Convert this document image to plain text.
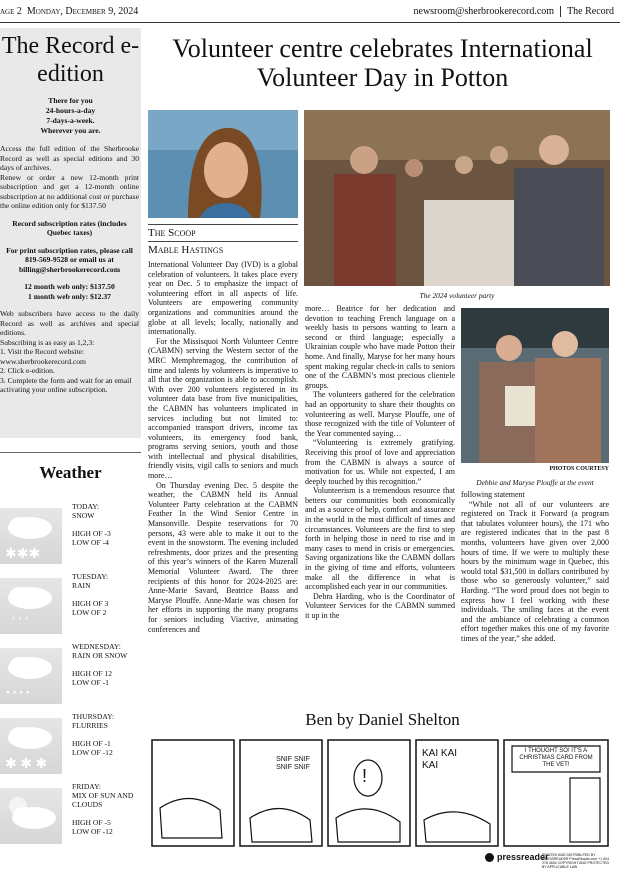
age 2 Monday, December 9, 2024	newsroom@sherbrookerecord.com The Record
The Record e-edition
There for you
24-hours-a-day
7-days-a-week.
Wherever you are.

Access the full edition of the Sherbrooke Record as well as special editions and 30 days of archives.

Renew or order a new 12-month print subscription and get a 12-month online subscription at no additional cost or purchase the online edition only for $137.50

Record subscription rates (includes Quebec taxes)

For print subscription rates, please call 819-569-9528 or email us at billing@sherbrookerecord.com

12 month web only: $137.50

1 month web only: $12.37

Web subscribers have access to the daily Record as well as archives and special editions.

Subscribing is as easy as 1,2,3:
1. Visit the Record website: www.sherbrookerecord.com
2. Click e-edition.
3. Complete the form and wait for an email activating your online subscription.
Weather
✱✱✱
TODAY:
SNOW
HIGH OF -3
LOW OF -4
′ ′ ′
TUESDAY:
RAIN
HIGH OF 3
LOW OF 2
• • • •
WEDNESDAY:
RAIN OR SNOW
HIGH OF 12
LOW OF -1
✱ ✱ ✱
THURSDAY:
FLURRIES
HIGH OF -1
LOW OF -12
FRIDAY:
MIX OF SUN AND CLOUDS
HIGH OF -5
LOW OF -12
Volunteer centre celebrates International Volunteer Day in Potton
The 2024 volunteer party
PHOTOS COURTESY
Debbie and Maryse Plouffe at the event
The Scoop
Mable Hastings

International Volunteer Day (IVD) is a global celebration of volunteers. It takes place every year on Dec. 5 to emphasize the impact of volunteering effort in all aspects of life. Volunteers are empowering community organizations and communities around the globe at all levels; locally, nationally and internationally.

For the Missisquoi North Volunteer Centre (CABMN) serving the Western sector of the MRC Memphremagog, the contribution of time and talents by volunteers is imperative to all that the organization is able to accomplish. With over 200 volunteers registered in its volunteer data base from five municipalities, the CABMN has volunteers implicated in services including but not limited to: accompanied transport drivers, income tax volunteers, its emergency food bank, programs serving seniors, youth and those with intellectual and physical disabilities, friendly visits, vigil calls to seniors and much more…

On Thursday evening Dec. 5 despite the weather, the CABMN held its Annual Volunteer Party celebration at the CABMN Feather In the Wind Senior Centre in Mansonville. Despite reservations for 70 persons, 43 were able to make it out to the event in the snowstorm. The evening included refreshments, door prizes and the presenting of this year’s winners of the Karen Muzerall Memorial Volunteer Award. The three recipients of this honor for 2024-2025 are: Anne-Marie Savard, Beatrice Baass and Maryse Plouffe. Anne-Marie was chosen for her efforts in supporting the many programs for seniors including Viactive, animating conferences and

more… Beatrice for her dedication and devotion to teaching French language on a weekly basis to persons wanting to learn a second or third language; especially a Ukrainian couple who have made Potton their home. And finally, Maryse for her many hours spent making regular check-in calls to seniors one of the CABMN’s most precious clientele groups.

The volunteers gathered for the celebration had an opportunity to share their thoughts on volunteering as well. Maryse Plouffe, one of those recognized with the title of Volunteer of the Year commented saying…

“Volunteering is extremely gratifying. Receiving this proof of love and appreciation from the CABMN is always a source of motivation for us. While not expected, I am deeply touched by this recognition.”

Volunteerism is a tremendous resource that betters our communities both economically and as a source of help, comfort and assurance in the world in the most difficult of times and circumstances. Volunteers are the first to step forth in helping those in need to rise and in many cases to mend in crisis or emergencies. Saving organizations like the CABMN dollars in the giving of time and efforts, volunteers make all the difference in what is accomplished each year in our communities.

Debra Harding, who is the Coordinator of Volunteer Services for the CABMN summed it up in the

following statement

“While not all of our volunteers are registered on Track it Forward (a program that tabulates volunteer hours), the 171 who are registered indicates that in the past 8 months, volunteers have given over 2,000 hours of time. If we were to multiply these hours by the minimum wage in Quebec, this would total $31,500 in dollars contributed by those who so generously volunteer,” said Harding. “The word proud does not begin to express how I feel working with these individuals. The smiling faces at the event and the ambiance of celebrating a common effort together makes this one of my favorite times of the year,” she added.

Ben by Daniel Shelton
SNIF SNIF SNIF SNIF	!
KAI KAI KAI
I THOUGHT SO! IT'S A CHRISTMAS CARD FROM THE VET!
pressreader
PRINTED AND DISTRIBUTED BY PRESSREADER PressReader.com +1 604 278 4604 COPYRIGHT AND PROTECTED BY APPLICABLE LAW
